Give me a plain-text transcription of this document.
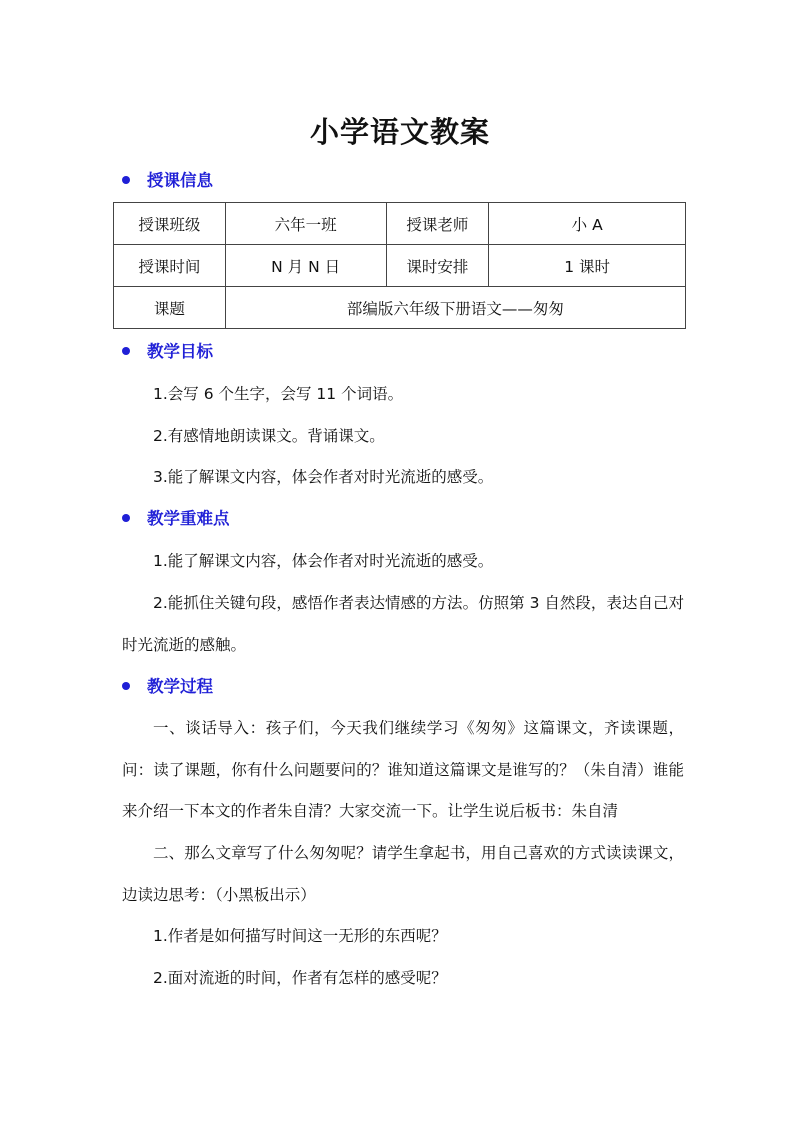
小学语文教案
授课信息
授课班级	六年一班	授课老师	小 A
授课时间	N 月 N 日	课时安排	1 课时
课题	部编版六年级下册语文——匆匆		
教学目标
1.会写 6 个生字，会写 11 个词语。
2.有感情地朗读课文。背诵课文。
3.能了解课文内容，体会作者对时光流逝的感受。
教学重难点
1.能了解课文内容，体会作者对时光流逝的感受。
2.能抓住关键句段，感悟作者表达情感的方法。仿照第 3 自然段，表达自己对时光流逝的感触。
教学过程
一、谈话导入：孩子们，今天我们继续学习《匆匆》这篇课文，齐读课题，问：读了课题，你有什么问题要问的？谁知道这篇课文是谁写的？（朱自清）谁能来介绍一下本文的作者朱自清？大家交流一下。让学生说后板书：朱自清
二、那么文章写了什么匆匆呢？请学生拿起书，用自己喜欢的方式读读课文，边读边思考：（小黑板出示）
1.作者是如何描写时间这一无形的东西呢？
2.面对流逝的时间，作者有怎样的感受呢？
